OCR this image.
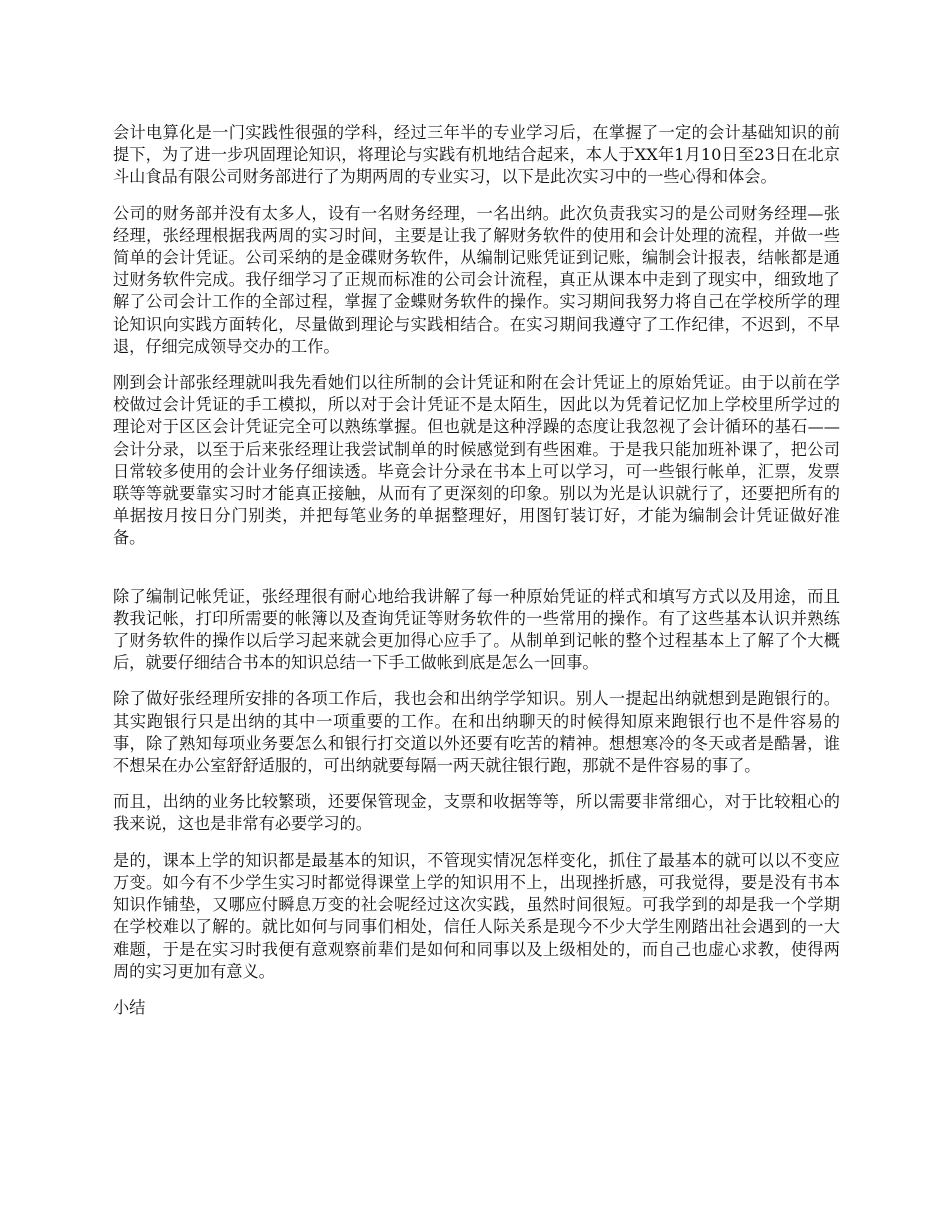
会计电算化是一门实践性很强的学科，经过三年半的专业学习后，在掌握了一定的会计基础知识的前提下，为了进一步巩固理论知识，将理论与实践有机地结合起来，本人于XX年1月10日至23日在北京斗山食品有限公司财务部进行了为期两周的专业实习，以下是此次实习中的一些心得和体会。

公司的财务部并没有太多人，设有一名财务经理，一名出纳。此次负责我实习的是公司财务经理—张经理，张经理根据我两周的实习时间，主要是让我了解财务软件的使用和会计处理的流程，并做一些简单的会计凭证。公司采纳的是金碟财务软件，从编制记账凭证到记账，编制会计报表，结帐都是通过财务软件完成。我仔细学习了正规而标准的公司会计流程，真正从课本中走到了现实中，细致地了解了公司会计工作的全部过程，掌握了金蝶财务软件的操作。实习期间我努力将自己在学校所学的理论知识向实践方面转化，尽量做到理论与实践相结合。在实习期间我遵守了工作纪律，不迟到，不早退，仔细完成领导交办的工作。

刚到会计部张经理就叫我先看她们以往所制的会计凭证和附在会计凭证上的原始凭证。由于以前在学校做过会计凭证的手工模拟，所以对于会计凭证不是太陌生，因此以为凭着记忆加上学校里所学过的理论对于区区会计凭证完全可以熟练掌握。但也就是这种浮躁的态度让我忽视了会计循环的基石——会计分录，以至于后来张经理让我尝试制单的时候感觉到有些困难。于是我只能加班补课了，把公司日常较多使用的会计业务仔细读透。毕竟会计分录在书本上可以学习，可一些银行帐单，汇票，发票联等等就要靠实习时才能真正接触，从而有了更深刻的印象。别以为光是认识就行了，还要把所有的单据按月按日分门别类，并把每笔业务的单据整理好，用图钉装订好，才能为编制会计凭证做好准备。

除了编制记帐凭证，张经理很有耐心地给我讲解了每一种原始凭证的样式和填写方式以及用途，而且教我记帐，打印所需要的帐簿以及查询凭证等财务软件的一些常用的操作。有了这些基本认识并熟练了财务软件的操作以后学习起来就会更加得心应手了。从制单到记帐的整个过程基本上了解了个大概后，就要仔细结合书本的知识总结一下手工做帐到底是怎么一回事。

除了做好张经理所安排的各项工作后，我也会和出纳学学知识。别人一提起出纳就想到是跑银行的。其实跑银行只是出纳的其中一项重要的工作。在和出纳聊天的时候得知原来跑银行也不是件容易的事，除了熟知每项业务要怎么和银行打交道以外还要有吃苦的精神。想想寒冷的冬天或者是酷暑，谁不想呆在办公室舒舒适服的，可出纳就要每隔一两天就往银行跑，那就不是件容易的事了。

而且，出纳的业务比较繁琐，还要保管现金，支票和收据等等，所以需要非常细心，对于比较粗心的我来说，这也是非常有必要学习的。

是的，课本上学的知识都是最基本的知识，不管现实情况怎样变化，抓住了最基本的就可以以不变应万变。如今有不少学生实习时都觉得课堂上学的知识用不上，出现挫折感，可我觉得，要是没有书本知识作铺垫，又哪应付瞬息万变的社会呢经过这次实践，虽然时间很短。可我学到的却是我一个学期在学校难以了解的。就比如何与同事们相处，信任人际关系是现今不少大学生刚踏出社会遇到的一大难题，于是在实习时我便有意观察前辈们是如何和同事以及上级相处的，而自己也虚心求教，使得两周的实习更加有意义。

小结
